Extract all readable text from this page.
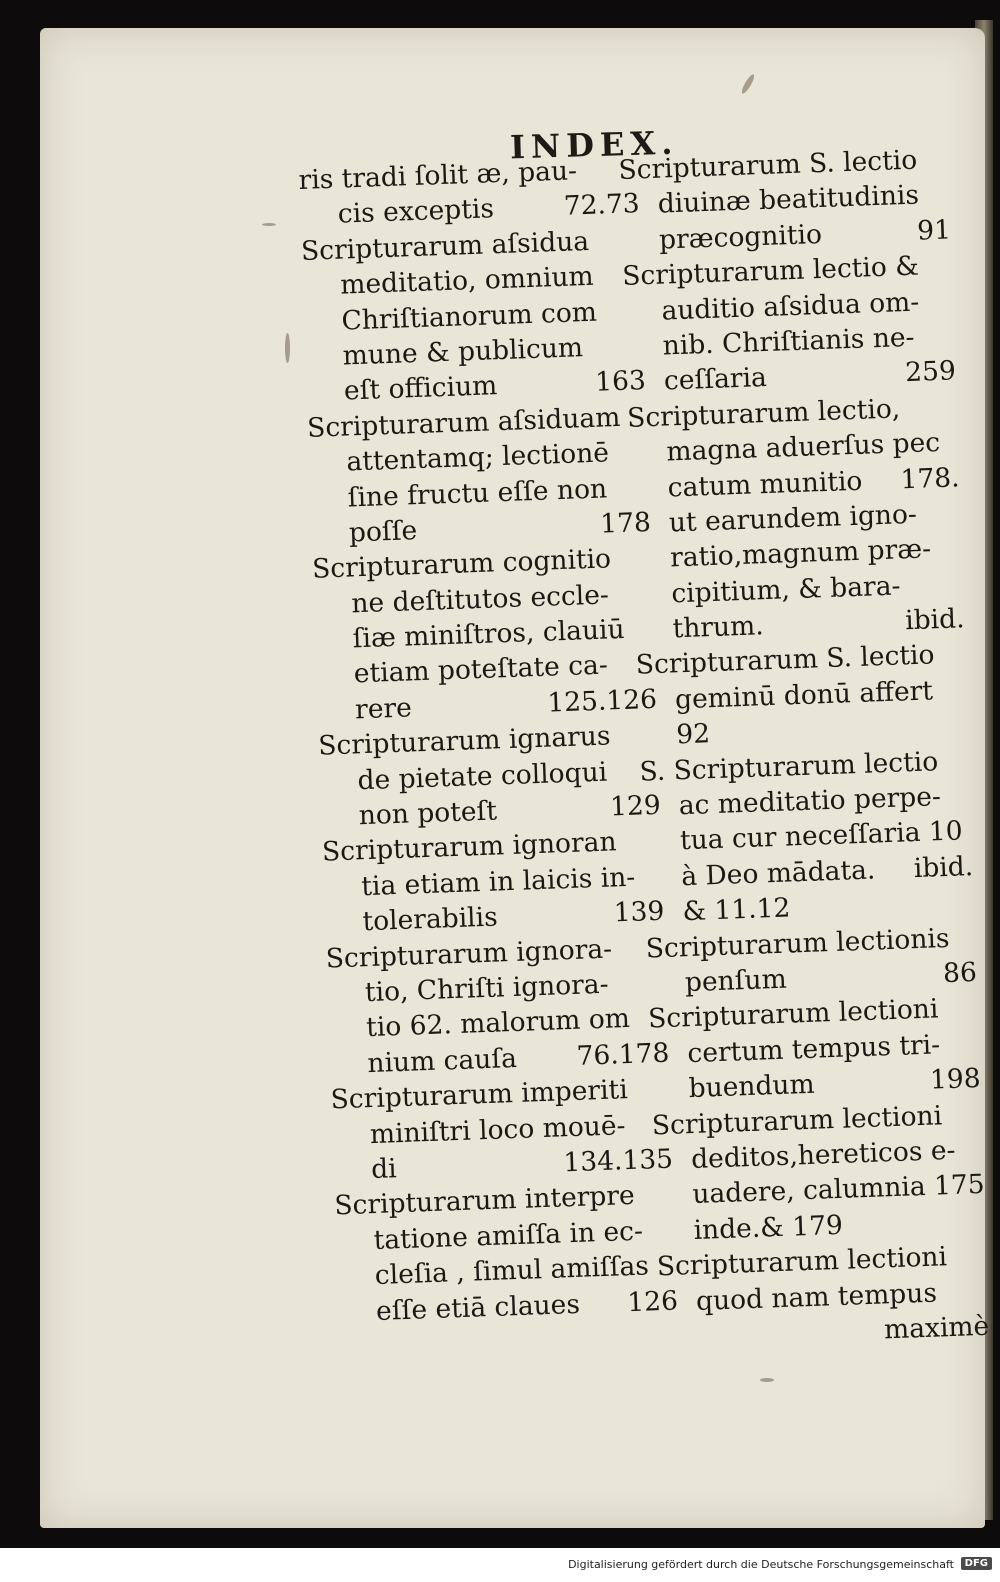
INDEX.
ris tradi ſolit æ, pau-
cis exceptis	72.73
Scripturarum aſsidua
meditatio, omnium
Chriſtianorum com
mune & publicum
eſt officium	163
Scripturarum aſsiduam
attentamq; lectionē
ſine fructu eſſe non
poſſe	178
Scripturarum cognitio
ne deſtitutos eccle-
ſiæ miniſtros, clauiū
etiam poteſtate ca-
rere	125.126
Scripturarum ignarus
de pietate colloqui
non poteſt	129
Scripturarum ignoran
tia etiam in laicis in-
tolerabilis	139
Scripturarum ignora-
tio, Chriſti ignora-
tio 62. malorum om
nium cauſa 76.178
Scripturarum imperiti
miniſtri loco mouē-
di	134.135
Scripturarum interpre
tatione amiſſa in ec-
cleſia , ſimul amiſſas
eſſe etiā claues 126
Scripturarum S. lectio
diuinæ beatitudinis
præcognitio	91
Scripturarum lectio &
auditio aſsidua om-
nib. Chriſtianis ne-
ceſſaria	259
Scripturarum lectio,
magna aduerſus pec
catum munitio 178.
ut earundem igno-
ratio,magnum præ-
cipitium, & bara-
thrum.	ibid.
Scripturarum S. lectio
geminū donū affert
92
S. Scripturarum lectio
ac meditatio perpe-
tua cur neceſſaria 10
à Deo mādata. ibid.
& 11.12
Scripturarum lectionis
penſum	86
Scripturarum lectioni
certum tempus tri-
buendum	198
Scripturarum lectioni
deditos,hereticos e-
uadere, calumnia 175
inde.& 179
Scripturarum lectioni
quod nam tempus
maximè
Digitalisierung gefördert durch die Deutsche Forschungsgemeinschaft	DFG
